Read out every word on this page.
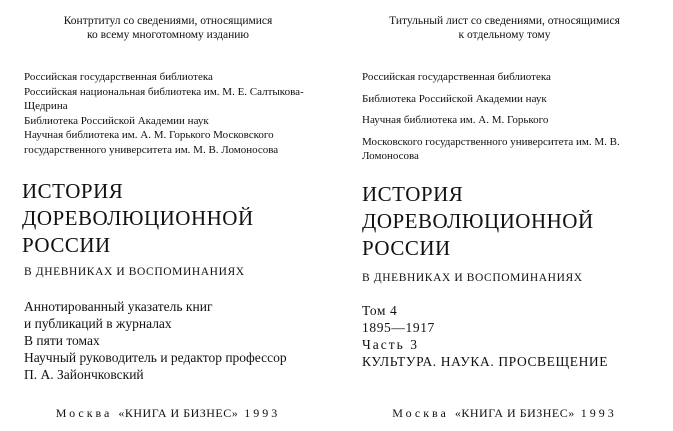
Контртитул со сведениями, относящимися
ко всему многотомному изданию

Российская государственная библиотека

Российская национальная библиотека им. М. Е. Салтыкова-Щедрина

Библиотека Российской Академии наук

Научная библиотека им. А. М. Горького Московского государственного университета им. М. В. Ломоносова

ИСТОРИЯ
ДОРЕВОЛЮЦИОННОЙ
РОССИИ
В ДНЕВНИКАХ И ВОСПОМИНАНИЯХ
Аннотированный указатель книг
и публикаций в журналах
В пяти томах
Научный руководитель и редактор профессор
П. А. Зайончковский
Москва «КНИГА И БИЗНЕС» 1993
Титульный лист со сведениями, относящимися
к отдельному тому

Российская государственная библиотека

Библиотека Российской Академии наук

Научная библиотека им. А. М. Горького

Московского государственного университета им. М. В. Ломоносова

ИСТОРИЯ
ДОРЕВОЛЮЦИОННОЙ
РОССИИ
В ДНЕВНИКАХ И ВОСПОМИНАНИЯХ
Том 4
1895—1917
Часть 3
КУЛЬТУРА. НАУКА. ПРОСВЕЩЕНИЕ
Москва «КНИГА И БИЗНЕС» 1993
